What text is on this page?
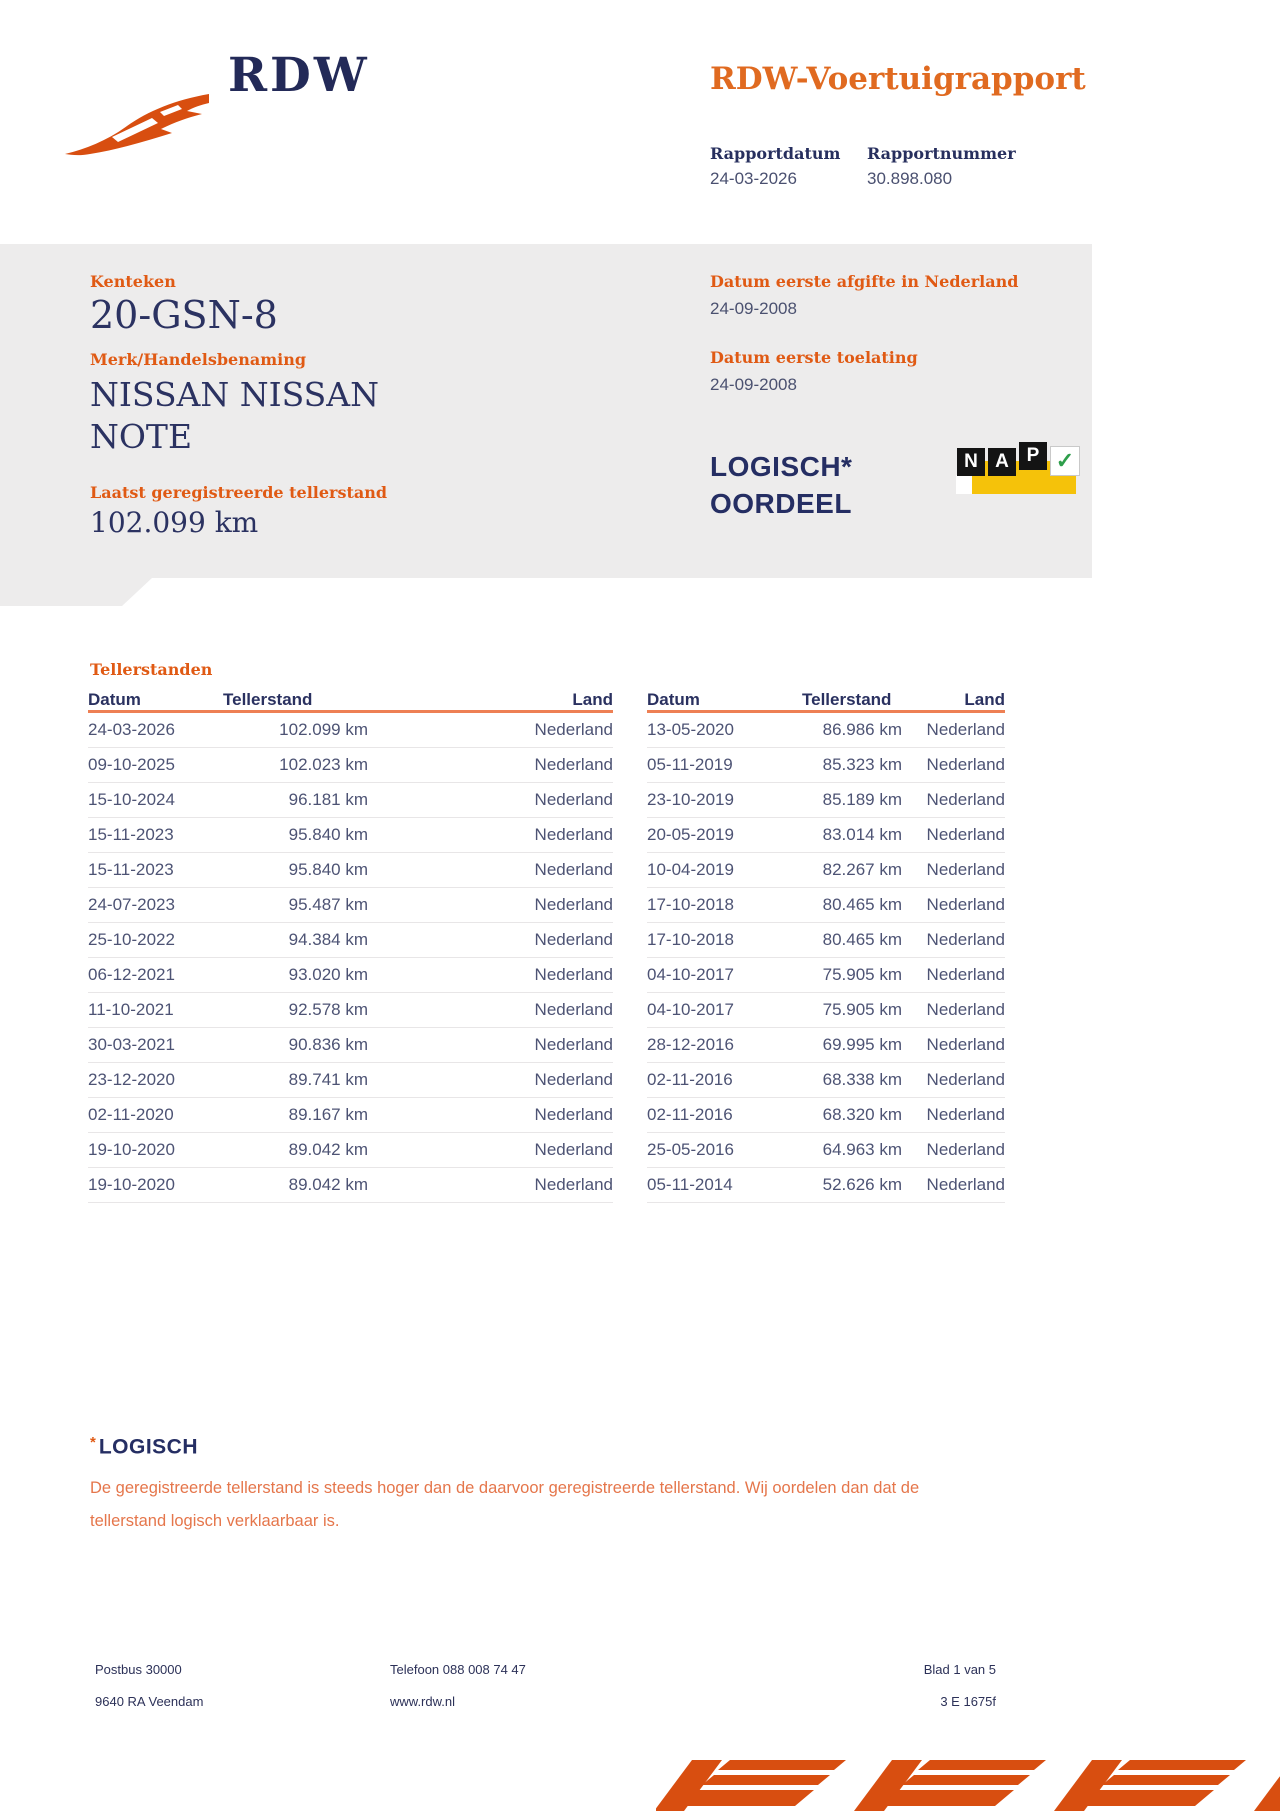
RDW	RDW-Voertuigrapport
Rapportdatum Rapportnummer
24-03-2026	30.898.080
Kenteken
20-GSN-8
Merk/Handelsbenaming
NISSAN NISSAN
NOTE
Laatst geregistreerde tellerstand
102.099 km
Datum eerste afgifte in Nederland
24-09-2008
Datum eerste toelating
24-09-2008
LOGISCH*
OORDEEL
N A P ✓
Tellerstanden
Datum	Tellerstand	Land
24-03-2026	102.099 km	Nederland
09-10-2025	102.023 km	Nederland
15-10-2024	96.181 km	Nederland
15-11-2023	95.840 km	Nederland
15-11-2023	95.840 km	Nederland
24-07-2023	95.487 km	Nederland
25-10-2022	94.384 km	Nederland
06-12-2021	93.020 km	Nederland
11-10-2021	92.578 km	Nederland
30-03-2021	90.836 km	Nederland
23-12-2020	89.741 km	Nederland
02-11-2020	89.167 km	Nederland
19-10-2020	89.042 km	Nederland
19-10-2020	89.042 km	Nederland
Datum	Tellerstand	Land
13-05-2020	86.986 km	Nederland
05-11-2019	85.323 km	Nederland
23-10-2019	85.189 km	Nederland
20-05-2019	83.014 km	Nederland
10-04-2019	82.267 km	Nederland
17-10-2018	80.465 km	Nederland
17-10-2018	80.465 km	Nederland
04-10-2017	75.905 km	Nederland
04-10-2017	75.905 km	Nederland
28-12-2016	69.995 km	Nederland
02-11-2016	68.338 km	Nederland
02-11-2016	68.320 km	Nederland
25-05-2016	64.963 km	Nederland
05-11-2014	52.626 km	Nederland
* LOGISCH
De geregistreerde tellerstand is steeds hoger dan de daarvoor geregistreerde tellerstand. Wij oordelen dan dat de tellerstand logisch verklaarbaar is.
Postbus 30000
9640 RA Veendam
Telefoon 088 008 74 47
www.rdw.nl
Blad 1 van 5
3 E 1675f
